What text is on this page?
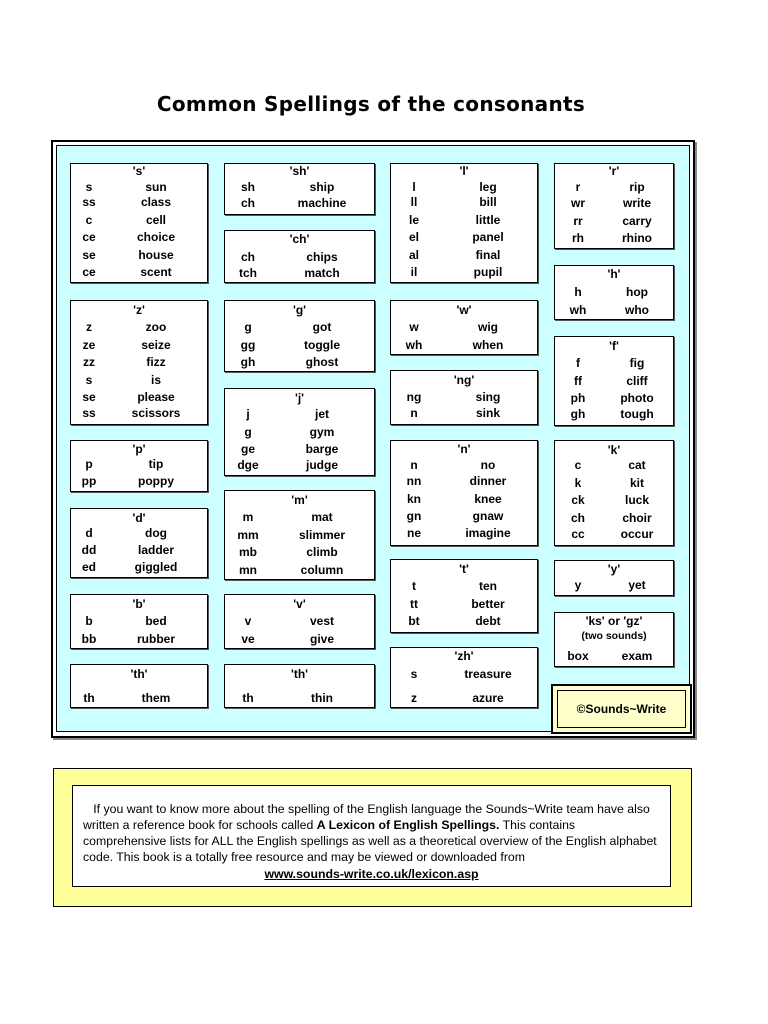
Common Spellings of the consonants
's'
s	sun
ss	class
c	cell
ce	choice
se	house
ce	scent
'z'
z	zoo
ze	seize
zz	fizz
s	is
se	please
ss	scissors
'p'
p	tip
pp	poppy
'd'
d	dog
dd	ladder
ed	giggled
'b'
b	bed
bb	rubber
'th'
th	them
'sh'
sh	ship
ch	machine
'ch'
ch	chips
tch	match
'g'
g	got
gg	toggle
gh	ghost
'j'
j	jet
g	gym
ge	barge
dge	judge
'm'
m	mat
mm	slimmer
mb	climb
mn	column
'v'
v	vest
ve	give
'th'
th	thin
'l'
l	leg
ll	bill
le	little
el	panel
al	final
il	pupil
'w'
w	wig
wh	when
'ng'
ng	sing
n	sink
'n'
n	no
nn	dinner
kn	knee
gn	gnaw
ne	imagine
't'
t	ten
tt	better
bt	debt
'zh'
s	treasure
z	azure
'r'
r	rip
wr	write
rr	carry
rh	rhino
'h'
h	hop
wh	who
'f'
f	fig
ff	cliff
ph	photo
gh	tough
'k'
c	cat
k	kit
ck	luck
ch	choir
cc	occur
'y'
y	yet
'ks' or 'gz'
(two sounds)
box	exam
©Sounds~Write

If you want to know more about the spelling of the English language the Sounds~Write team have also written a reference book for schools called A Lexicon of English Spellings. This contains comprehensive lists for ALL the English spellings as well as a theoretical overview of the English alphabet code. This book is a totally free resource and may be viewed or downloaded from

www.sounds-write.co.uk/lexicon.asp
